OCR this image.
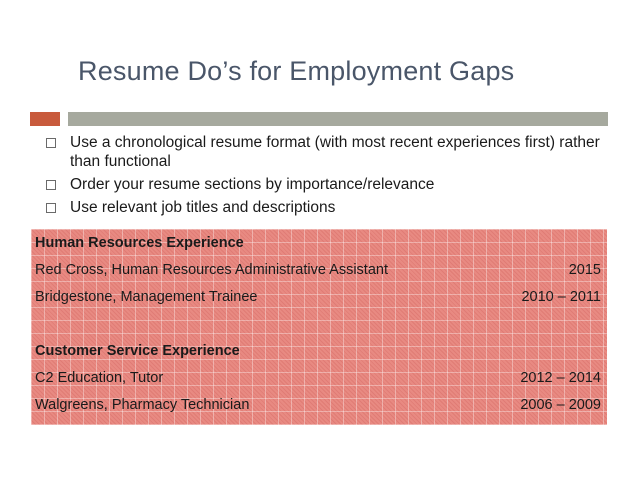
Resume Do’s for Employment Gaps
Use a chronological resume format (with most recent experiences first) rather than functional
Order your resume sections by importance/relevance
Use relevant job titles and descriptions
Human Resources Experience
Red Cross, Human Resources Administrative Assistant	2015
Bridgestone, Management Trainee	2010 – 2011
Customer Service Experience
C2 Education, Tutor	2012 – 2014
Walgreens, Pharmacy Technician	2006 – 2009
